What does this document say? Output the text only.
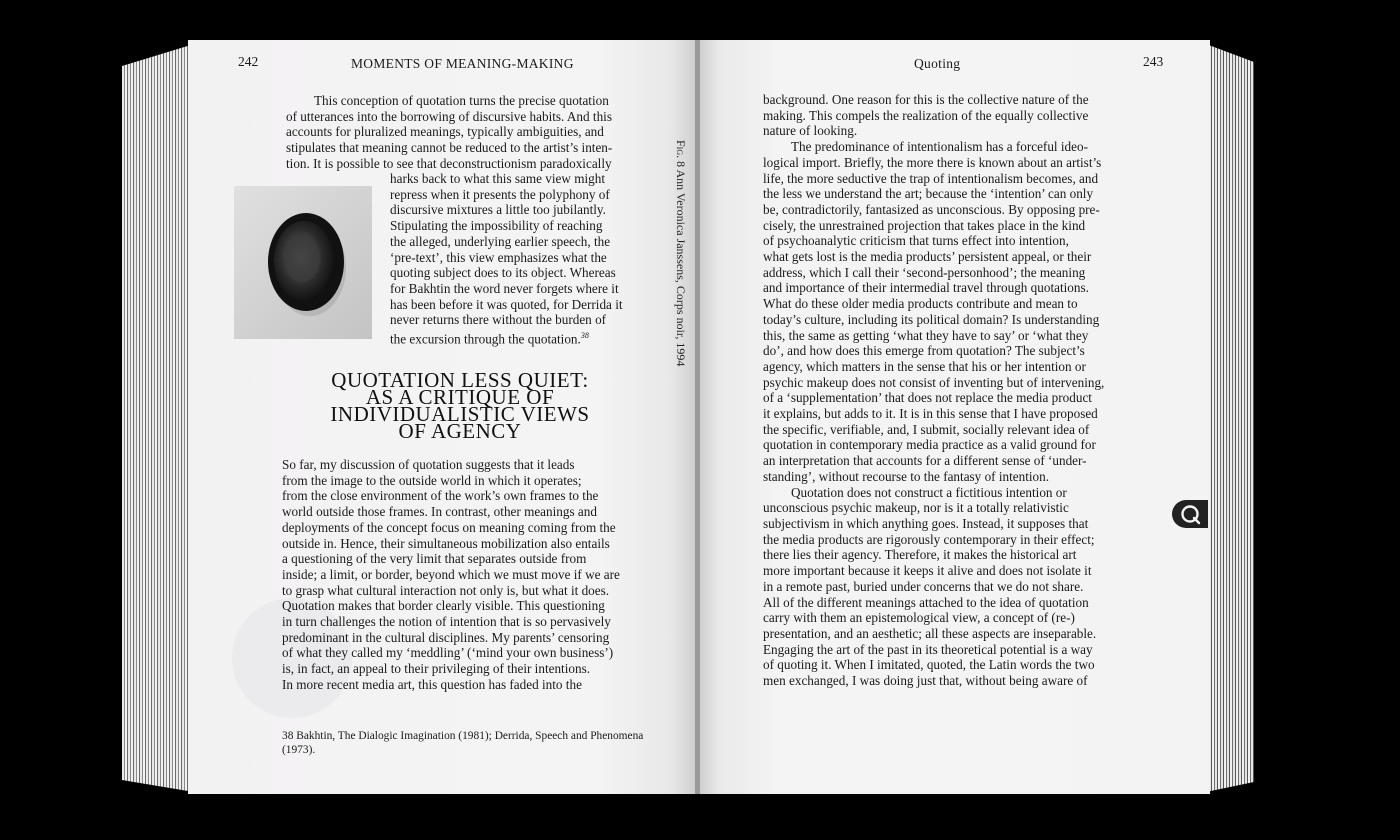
242	MOMENTS OF MEANING-MAKING
This conception of quotation turns the precise quotation
of utterances into the borrowing of discursive habits. And this
accounts for pluralized meanings, typically ambiguities, and
stipulates that meaning cannot be reduced to the artist’s inten-
tion. It is possible to see that deconstructionism paradoxically
harks back to what this same view might
repress when it presents the polyphony of
discursive mixtures a little too jubilantly.
Stipulating the impossibility of reaching
the alleged, underlying earlier speech, the
‘pre-text’, this view emphasizes what the
quoting subject does to its object. Whereas
for Bakhtin the word never forgets where it
has been before it was quoted, for Derrida it
never returns there without the burden of
the excursion through the quotation.$^{38}$
Fig. 8 Ann Veronica Janssens, Corps noir, 1994
QUOTATION LESS QUIET:
AS A CRITIQUE OF
INDIVIDUALISTIC VIEWS
OF AGENCY
So far, my discussion of quotation suggests that it leads
from the image to the outside world in which it operates;
from the close environment of the work’s own frames to the
world outside those frames. In contrast, other meanings and
deployments of the concept focus on meaning coming from the
outside in. Hence, their simultaneous mobilization also entails
a questioning of the very limit that separates outside from
inside; a limit, or border, beyond which we must move if we are
to grasp what cultural interaction not only is, but what it does.
Quotation makes that border clearly visible. This questioning
in turn challenges the notion of intention that is so pervasively
predominant in the cultural disciplines. My parents’ censoring
of what they called my ‘meddling’ (‘mind your own business’)
is, in fact, an appeal to their privileging of their intentions.
In more recent media art, this question has faded into the
38 Bakhtin, The Dialogic Imagination (1981); Derrida, Speech and Phenomena
(1973).
Quoting	243
background. One reason for this is the collective nature of the
making. This compels the realization of the equally collective
nature of looking.
The predominance of intentionalism has a forceful ideo-
logical import. Briefly, the more there is known about an artist’s
life, the more seductive the trap of intentionalism becomes, and
the less we understand the art; because the ‘intention’ can only
be, contradictorily, fantasized as unconscious. By opposing pre-
cisely, the unrestrained projection that takes place in the kind
of psychoanalytic criticism that turns effect into intention,
what gets lost is the media products’ persistent appeal, or their
address, which I call their ‘second-personhood’; the meaning
and importance of their intermedial travel through quotations.
What do these older media products contribute and mean to
today’s culture, including its political domain? Is understanding
this, the same as getting ‘what they have to say’ or ‘what they
do’, and how does this emerge from quotation? The subject’s
agency, which matters in the sense that his or her intention or
psychic makeup does not consist of inventing but of intervening,
of a ‘supplementation’ that does not replace the media product
it explains, but adds to it. It is in this sense that I have proposed
the specific, verifiable, and, I submit, socially relevant idea of
quotation in contemporary media practice as a valid ground for
an interpretation that accounts for a different sense of ‘under-
standing’, without recourse to the fantasy of intention.
Quotation does not construct a fictitious intention or
unconscious psychic makeup, nor is it a totally relativistic
subjectivism in which anything goes. Instead, it supposes that
the media products are rigorously contemporary in their effect;
there lies their agency. Therefore, it makes the historical art
more important because it keeps it alive and does not isolate it
in a remote past, buried under concerns that we do not share.
All of the different meanings attached to the idea of quotation
carry with them an epistemological view, a concept of (re-)
presentation, and an aesthetic; all these aspects are inseparable.
Engaging the art of the past in its theoretical potential is a way
of quoting it. When I imitated, quoted, the Latin words the two
men exchanged, I was doing just that, without being aware of
